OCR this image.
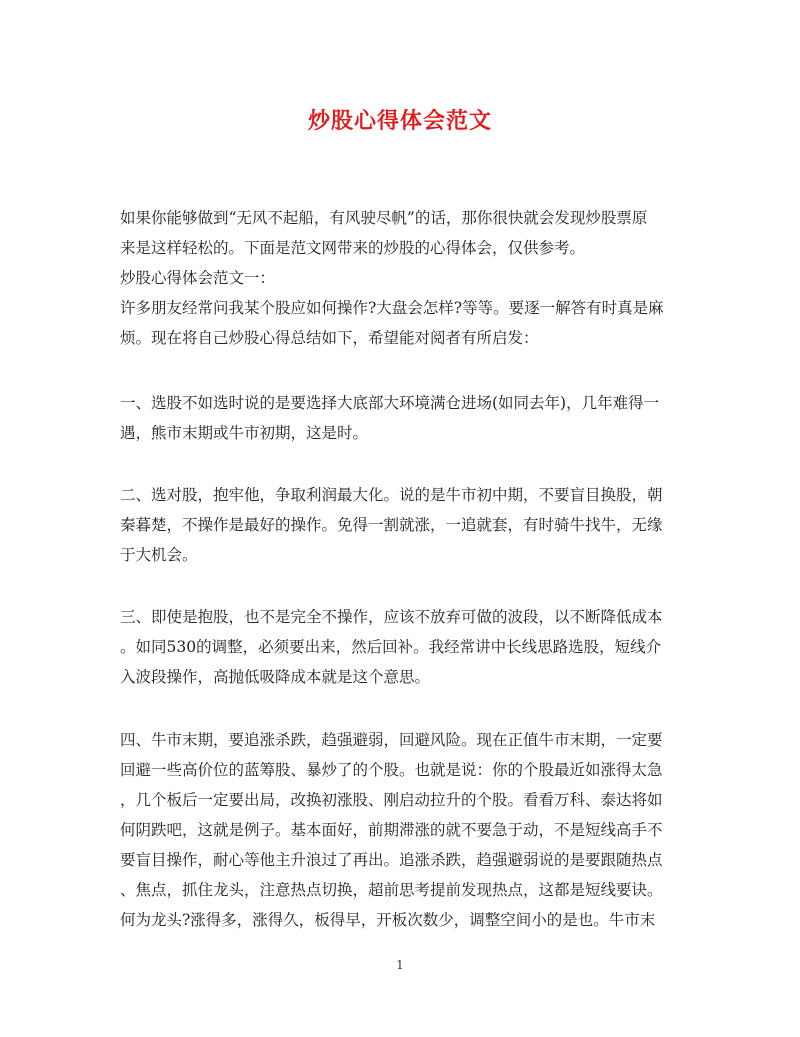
炒股心得体会范文
如果你能够做到“无风不起船，有风驶尽帆”的话，那你很快就会发现炒股票原
来是这样轻松的。下面是范文网带来的炒股的心得体会，仅供参考。
炒股心得体会范文一：
许多朋友经常问我某个股应如何操作?大盘会怎样?等等。要逐一解答有时真是麻
烦。现在将自己炒股心得总结如下，希望能对阅者有所启发：
一、选股不如选时说的是要选择大底部大环境满仓进场(如同去年)，几年难得一
遇，熊市末期或牛市初期，这是时。
二、选对股，抱牢他，争取利润最大化。说的是牛市初中期，不要盲目换股，朝
秦暮楚，不操作是最好的操作。免得一割就涨，一追就套，有时骑牛找牛，无缘
于大机会。
三、即使是抱股，也不是完全不操作，应该不放弃可做的波段，以不断降低成本
。如同530的调整，必须要出来，然后回补。我经常讲中长线思路选股，短线介
入波段操作，高抛低吸降成本就是这个意思。
四、牛市末期，要追涨杀跌，趋强避弱，回避风险。现在正值牛市末期，一定要
回避一些高价位的蓝筹股、暴炒了的个股。也就是说：你的个股最近如涨得太急
，几个板后一定要出局，改换初涨股、刚启动拉升的个股。看看万科、泰达将如
何阴跌吧，这就是例子。基本面好，前期滞涨的就不要急于动，不是短线高手不
要盲目操作，耐心等他主升浪过了再出。追涨杀跌，趋强避弱说的是要跟随热点
、焦点，抓住龙头，注意热点切换，超前思考提前发现热点，这都是短线要诀。
何为龙头?涨得多，涨得久，板得早，开板次数少，调整空间小的是也。牛市末
1
